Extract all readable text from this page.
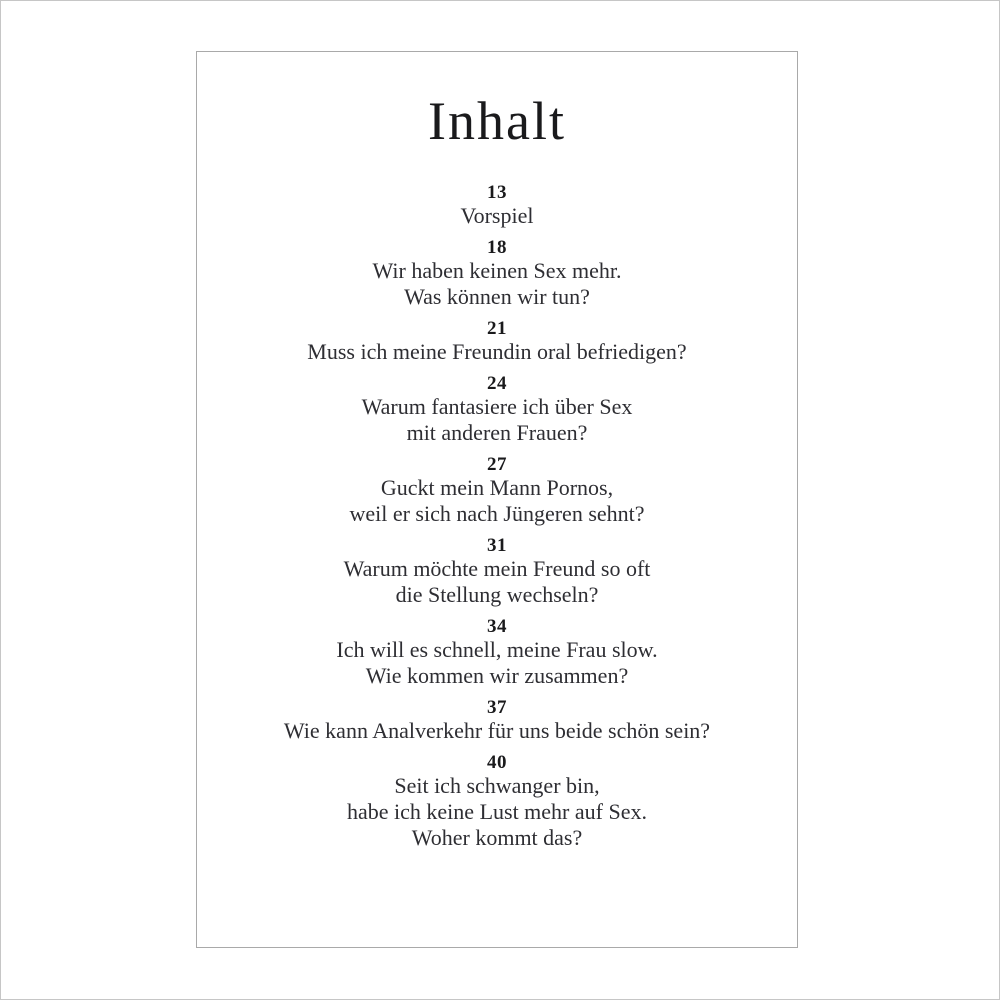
Inhalt
13
Vorspiel
18
Wir haben keinen Sex mehr.
Was können wir tun?
21
Muss ich meine Freundin oral befriedigen?
24
Warum fantasiere ich über Sex
mit anderen Frauen?
27
Guckt mein Mann Pornos,
weil er sich nach Jüngeren sehnt?
31
Warum möchte mein Freund so oft
die Stellung wechseln?
34
Ich will es schnell, meine Frau slow.
Wie kommen wir zusammen?
37
Wie kann Analverkehr für uns beide schön sein?
40
Seit ich schwanger bin,
habe ich keine Lust mehr auf Sex.
Woher kommt das?
